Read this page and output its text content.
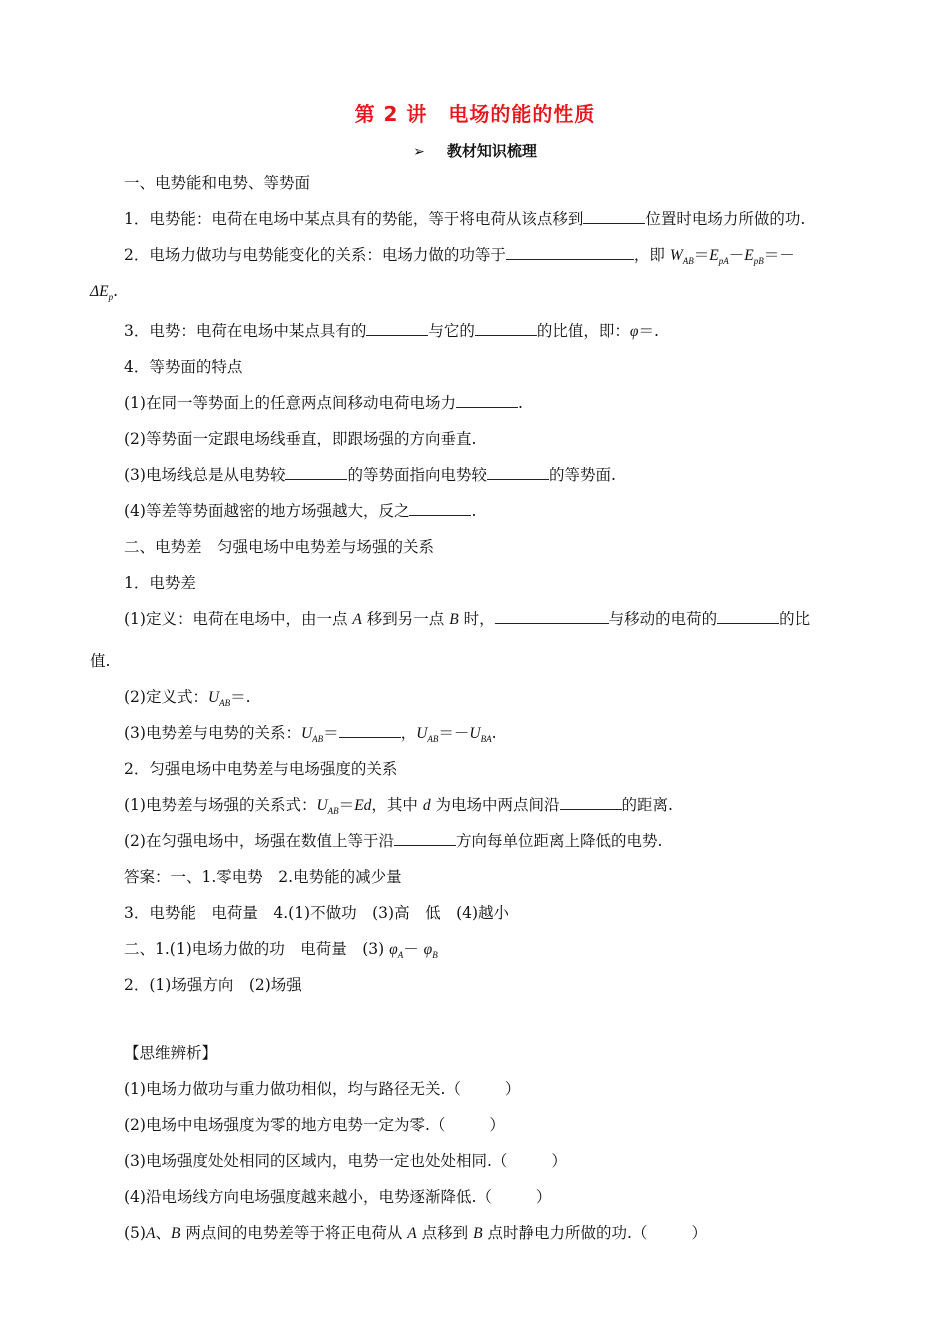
第 2 讲　电场的能的性质
➢ 教材知识梳理
一、电势能和电势、等势面
1．电势能：电荷在电场中某点具有的势能，等于将电荷从该点移到	位置时电场力所做的功.
2．电场力做功与电势能变化的关系：电场力做的功等于	，即 $W_{AB}=E_{pA}-E_{pB}=-$
$\Delta E_p$.
3．电势：电荷在电场中某点具有的	与它的	的比值，即：φ＝.
4．等势面的特点
(1)在同一等势面上的任意两点间移动电荷电场力	.
(2)等势面一定跟电场线垂直，即跟场强的方向垂直.
(3)电场线总是从电势较	的等势面指向电势较	的等势面.
(4)等差等势面越密的地方场强越大，反之	.
二、电势差　匀强电场中电势差与场强的关系
1．电势差
(1)定义：电荷在电场中，由一点 A 移到另一点 B 时，	与移动的电荷的	的比
值.
(2)定义式：$U_{AB}=$.
(3)电势差与电势的关系：$U_{AB}=$	，$U_{AB}=-U_{BA}$.
2．匀强电场中电势差与电场强度的关系
(1)电势差与场强的关系式：$U_{AB}=Ed$，其中 d 为电场中两点间沿	的距离.
(2)在匀强电场中，场强在数值上等于沿	方向每单位距离上降低的电势.
答案：一、1.零电势　2.电势能的减少量
3．电势能　电荷量　4.(1)不做功　(3)高　低　(4)越小
二、1.(1)电场力做的功　电荷量　(3) $\varphi_A- \varphi_B$
2．(1)场强方向　(2)场强
【思维辨析】
(1)电场力做功与重力做功相似，均与路径无关.（	）
(2)电场中电场强度为零的地方电势一定为零.（	）
(3)电场强度处处相同的区域内，电势一定也处处相同.（	）
(4)沿电场线方向电场强度越来越小，电势逐渐降低.（	）
(5)A、B 两点间的电势差等于将正电荷从 A 点移到 B 点时静电力所做的功.（	）
